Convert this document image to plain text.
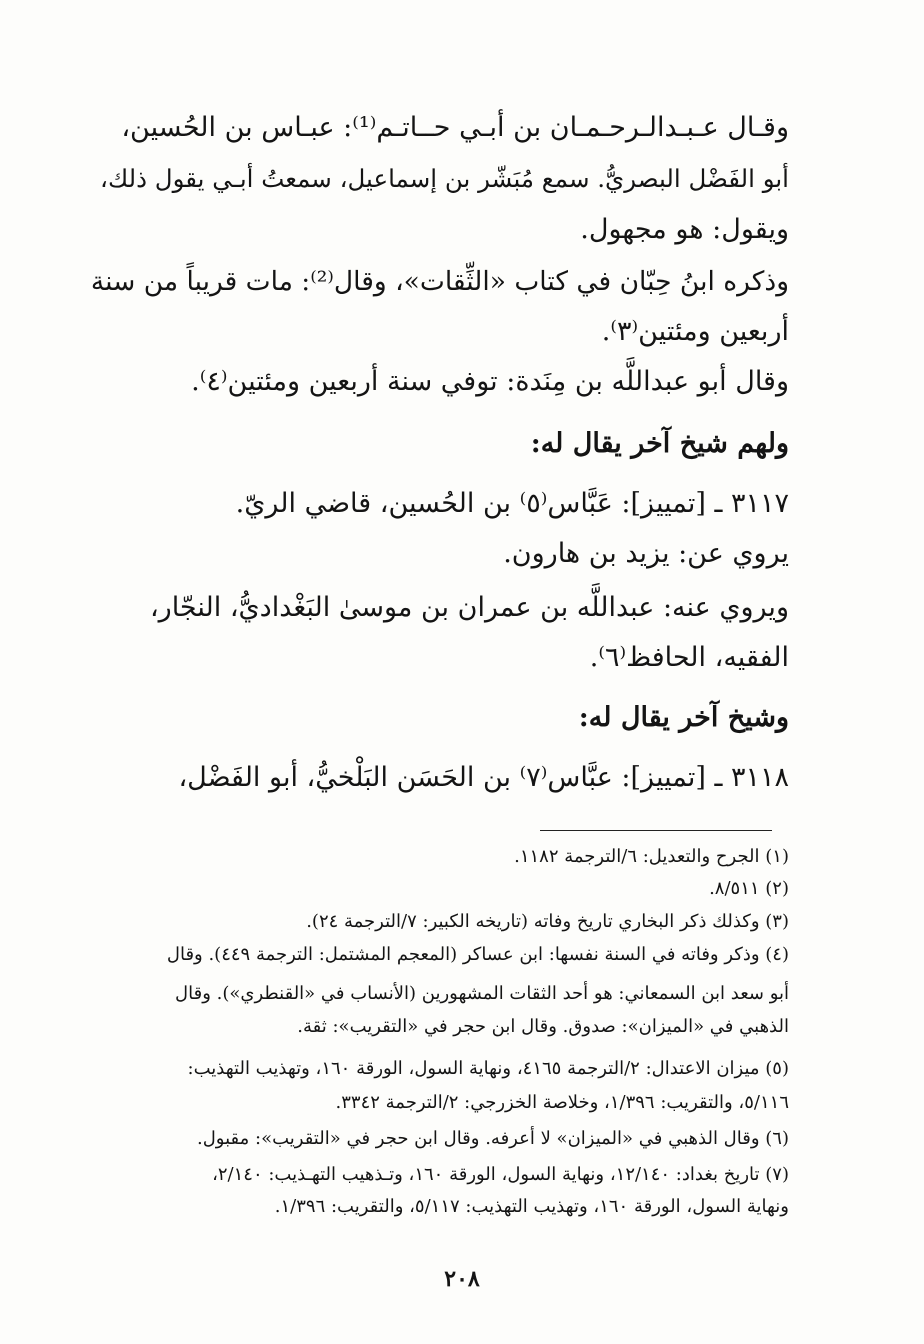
وقـال عـبـدالـرحـمـان بن أبـي حــاتـم⁽¹⁾: عبـاس بن الحُسين،
أبو الفَضْل البصريُّ. سمع مُبَشّر بن إسماعيل، سمعتُ أبـي يقول ذلك،
ويقول: هو مجهول.
وذكره ابنُ حِبّان في كتاب «الثِّقات»، وقال⁽²⁾: مات قريباً من سنة
أربعين ومئتين⁽٣⁾.
وقال أبو عبداللَّه بن مِنَدة: توفي سنة أربعين ومئتين⁽٤⁾.
ولهم شيخ آخر يقال له:
٣١١٧ ـ [تمييز]: عَبَّاس⁽٥⁾ بن الحُسين، قاضي الريّ.
يروي عن: يزيد بن هارون.
ويروي عنه: عبداللَّه بن عمران بن موسىٰ البَغْداديُّ، النجّار،
الفقيه، الحافظ⁽٦⁾.
وشيخ آخر يقال له:
٣١١٨ ـ [تمييز]: عبَّاس⁽٧⁾ بن الحَسَن البَلْخيُّ، أبو الفَضْل،
(١) الجرح والتعديل: ٦/الترجمة ١١٨٢.
(٢) ٨/٥١١.
(٣) وكذلك ذكر البخاري تاريخ وفاته (تاريخه الكبير: ٧/الترجمة ٢٤).
(٤) وذكر وفاته في السنة نفسها: ابن عساكر (المعجم المشتمل: الترجمة ٤٤٩). وقال
أبو سعد ابن السمعاني: هو أحد الثقات المشهورين (الأنساب في «القنطري»). وقال
الذهبي في «الميزان»: صدوق. وقال ابن حجر في «التقريب»: ثقة.
(٥) ميزان الاعتدال: ٢/الترجمة ٤١٦٥، ونهاية السول، الورقة ١٦٠، وتهذيب التهذيب:
٥/١١٦، والتقريب: ١/٣٩٦، وخلاصة الخزرجي: ٢/الترجمة ٣٣٤٢.
(٦) وقال الذهبي في «الميزان» لا أعرفه. وقال ابن حجر في «التقريب»: مقبول.
(٧) تاريخ بغداد: ١٢/١٤٠، ونهاية السول، الورقة ١٦٠، وتـذهيب التهـذيب: ٢/١٤٠،
ونهاية السول، الورقة ١٦٠، وتهذيب التهذيب: ٥/١١٧، والتقريب: ١/٣٩٦.
٢٠٨
